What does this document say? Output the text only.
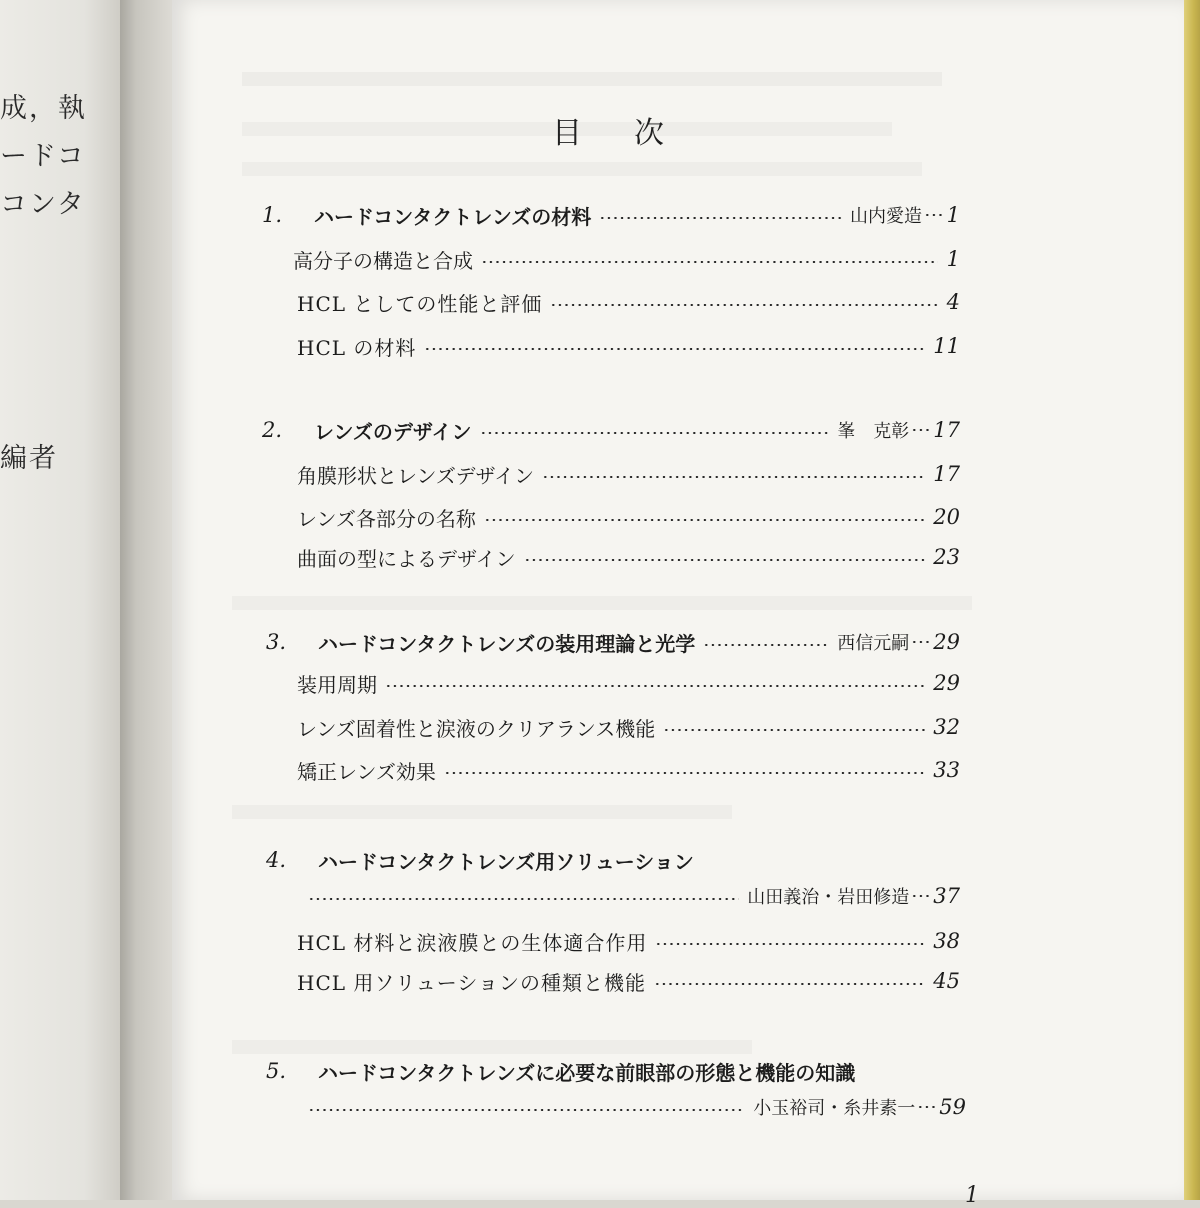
成，執
ードコ
コンタ
編者
目次
1.	ハードコンタクトレンズの材料	山内愛造 1
高分子の構造と合成	1
HCL としての性能と評価	4
HCL の材料	11
2.	レンズのデザイン	峯　克彰 17
角膜形状とレンズデザイン	17
レンズ各部分の名称	20
曲面の型によるデザイン	23
3.	ハードコンタクトレンズの装用理論と光学	西信元嗣 29
装用周期	29
レンズ固着性と涙液のクリアランス機能	32
矯正レンズ効果	33
4.	ハードコンタクトレンズ用ソリューション
山田義治・岩田修造 37
HCL 材料と涙液膜との生体適合作用	38
HCL 用ソリューションの種類と機能	45
5.	ハードコンタクトレンズに必要な前眼部の形態と機能の知識
小玉裕司・糸井素一 59
1
